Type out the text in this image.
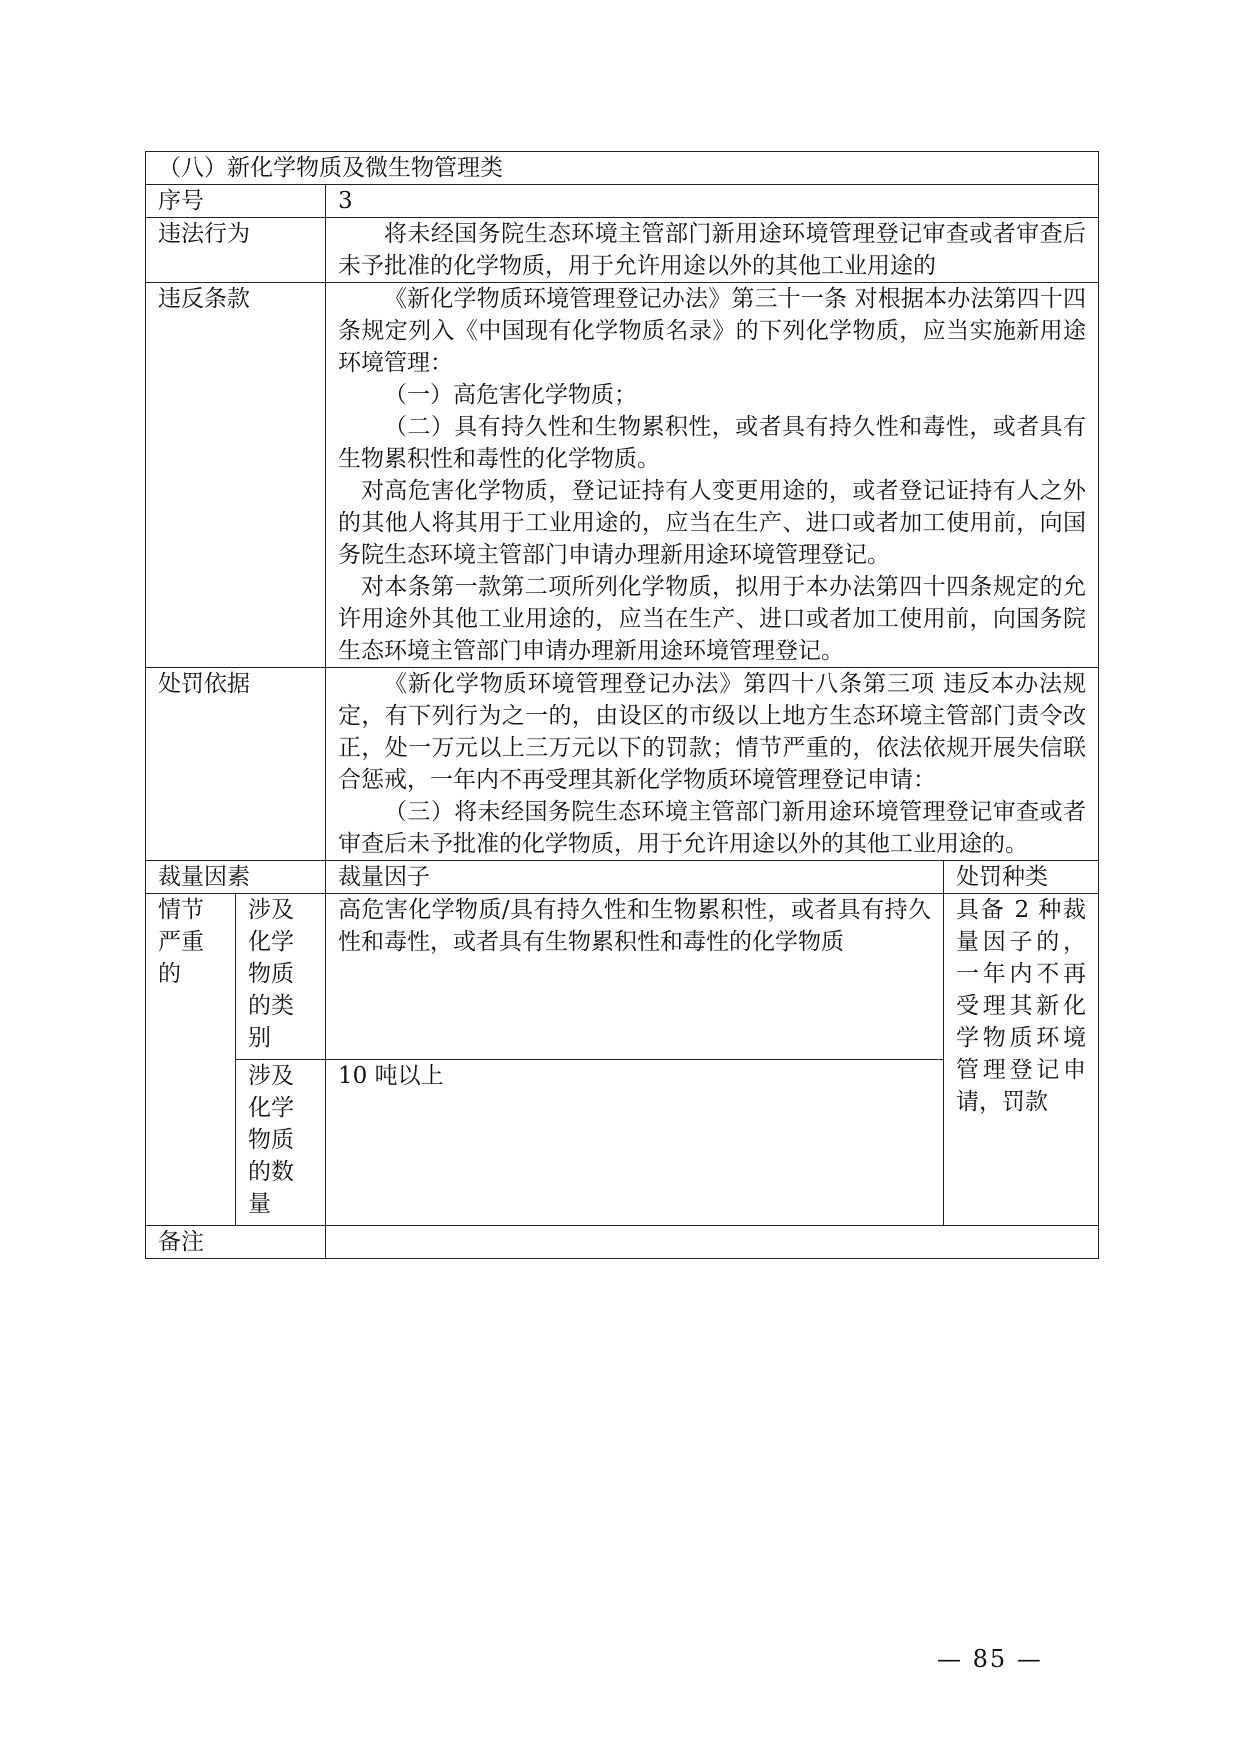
（八）新化学物质及微生物管理类			
序号		3	
违法行为		将未经国务院生态环境主管部门新用途环境管理登记审查或者审查后未予批准的化学物质，用于允许用途以外的其他工业用途的	

违反条款		《新化学物质环境管理登记办法》第三十一条 对根据本办法第四十四条规定列入《中国现有化学物质名录》的下列化学物质，应当实施新用途环境管理：
（一）高危害化学物质；
（二）具有持久性和生物累积性，或者具有持久性和毒性，或者具有生物累积性和毒性的化学物质。
对高危害化学物质，登记证持有人变更用途的，或者登记证持有人之外的其他人将其用于工业用途的，应当在生产、进口或者加工使用前，向国务院生态环境主管部门申请办理新用途环境管理登记。
对本条第一款第二项所列化学物质，拟用于本办法第四十四条规定的允许用途外其他工业用途的，应当在生产、进口或者加工使用前，向国务院生态环境主管部门申请办理新用途环境管理登记。	

处罚依据		《新化学物质环境管理登记办法》第四十八条第三项 违反本办法规定，有下列行为之一的，由设区的市级以上地方生态环境主管部门责令改正，处一万元以上三万元以下的罚款；情节严重的，依法依规开展失信联合惩戒，一年内不再受理其新化学物质环境管理登记申请：
（三）将未经国务院生态环境主管部门新用途环境管理登记审查或者审查后未予批准的化学物质，用于允许用途以外的其他工业用途的。	

裁量因素		裁量因子	处罚种类

情节严重的	涉及化学物质的类别	高危害化学物质/具有持久性和生物累积性，或者具有持久性和毒性，或者具有生物累积性和毒性的化学物质	具备 2 种裁量因子的，一年内不再受理其新化学物质环境管理登记申请，罚款

	涉及化学物质的数量	10 吨以上	
备注			
— 85 —
